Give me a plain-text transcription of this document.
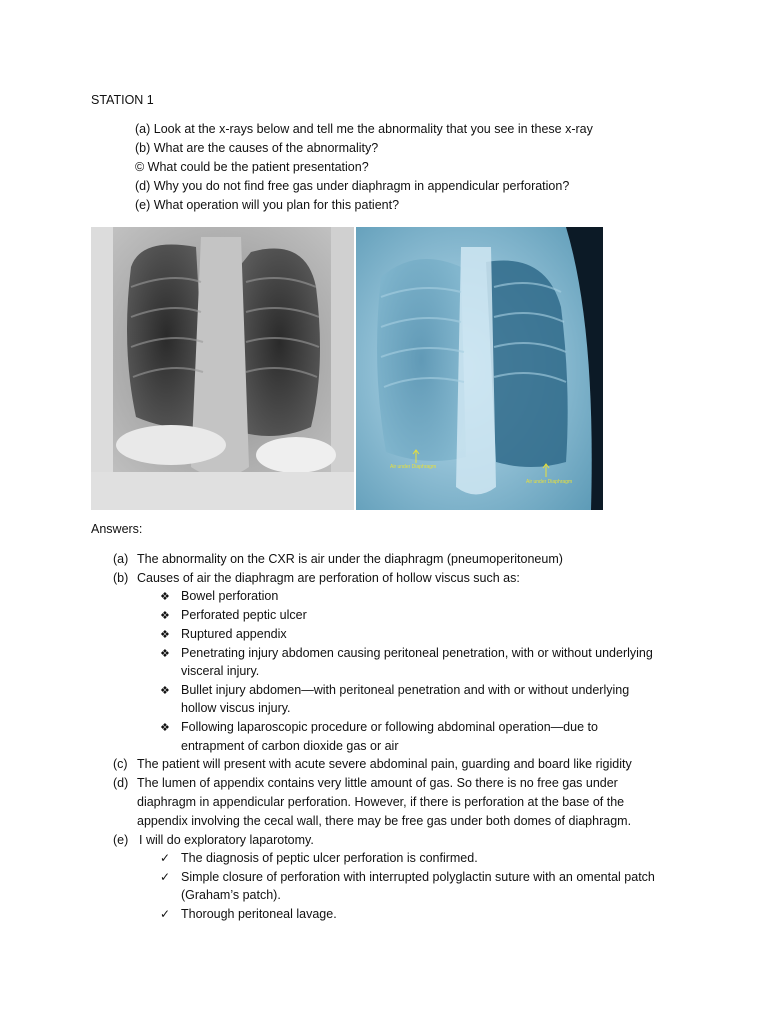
STATION 1
(a) Look at the x-rays below and tell me the abnormality that you see in these x-ray
(b) What are the causes of the abnormality?
© What could be the patient presentation?
(d) Why you do not find free gas under diaphragm in appendicular perforation?
(e) What operation will you plan for this patient?
Air under Diaphragm
Air under Diaphragm
Answers:
(a) The abnormality on the CXR is air under the diaphragm (pneumoperitoneum)
(b) Causes of air the diaphragm are perforation of hollow viscus such as:
❖ Bowel perforation
❖ Perforated peptic ulcer
❖ Ruptured appendix
❖ Penetrating injury abdomen causing peritoneal penetration, with or without underlying
visceral injury.
❖ Bullet injury abdomen—with peritoneal penetration and with or without underlying
hollow viscus injury.
❖ Following laparoscopic procedure or following abdominal operation—due to
entrapment of carbon dioxide gas or air
(c) The patient will present with acute severe abdominal pain, guarding and board like rigidity
(d) The lumen of appendix contains very little amount of gas. So there is no free gas under
diaphragm in appendicular perforation. However, if there is perforation at the base of the
appendix involving the cecal wall, there may be free gas under both domes of diaphragm.
(e) I will do exploratory laparotomy.
✓ The diagnosis of peptic ulcer perforation is confirmed.
✓ Simple closure of perforation with interrupted polyglactin suture with an omental patch
(Graham’s patch).
✓ Thorough peritoneal lavage.
